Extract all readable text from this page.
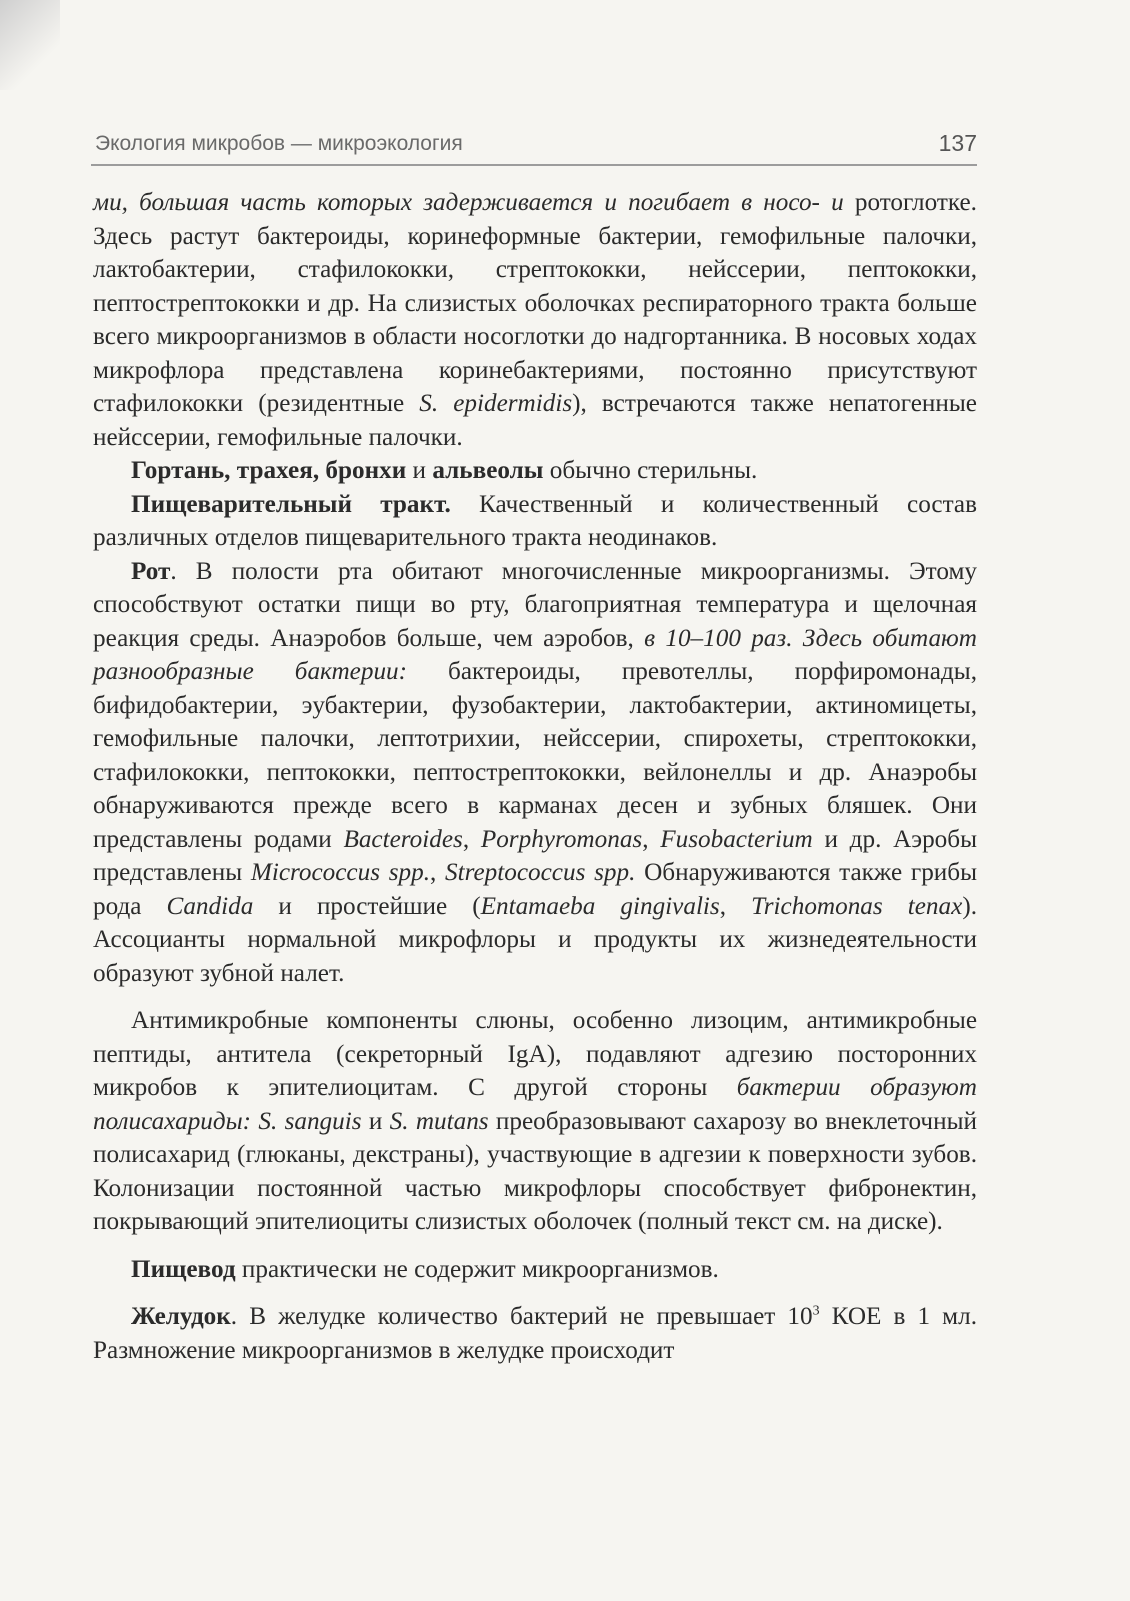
Экология микробов — микроэкология	137

ми, большая часть которых задерживается и погибает в носо- и ротоглотке. Здесь растут бактероиды, коринеформные бактерии, гемофильные палочки, лактобактерии, стафилококки, стрептококки, нейссерии, пептококки, пептострептококки и др. На слизистых оболочках респираторного тракта больше всего микроорганизмов в области носоглотки до надгортанника. В носовых ходах микрофлора представлена коринебактериями, постоянно присутствуют стафилококки (резидентные S. epidermidis), встречаются также непатогенные нейссерии, гемофильные палочки.

Гортань, трахея, бронхи и альвеолы обычно стерильны.

Пищеварительный тракт. Качественный и количественный состав различных отделов пищеварительного тракта неодинаков.

Рот. В полости рта обитают многочисленные микроорганизмы. Этому способствуют остатки пищи во рту, благоприятная температура и щелочная реакция среды. Анаэробов больше, чем аэробов, в 10–100 раз. Здесь обитают разнообразные бактерии: бактероиды, превотеллы, порфиромонады, бифидобактерии, эубактерии, фузобактерии, лактобактерии, актиномицеты, гемофильные палочки, лептотрихии, нейссерии, спирохеты, стрептококки, стафилококки, пептококки, пептострептококки, вейлонеллы и др. Анаэробы обнаруживаются прежде всего в карманах десен и зубных бляшек. Они представлены родами Bacteroides, Porphyromonas, Fusobacterium и др. Аэробы представлены Micrococcus spp., Streptococcus spp. Обнаруживаются также грибы рода Candida и простейшие (Entamaeba gingivalis, Trichomonas tenax). Ассоцианты нормальной микрофлоры и продукты их жизнедеятельности образуют зубной налет.

Антимикробные компоненты слюны, особенно лизоцим, антимикробные пептиды, антитела (секреторный IgA), подавляют адгезию посторонних микробов к эпителиоцитам. С другой стороны бактерии образуют полисахариды: S. sanguis и S. mutans преобразовывают сахарозу во внеклеточный полисахарид (глюканы, декстраны), участвующие в адгезии к поверхности зубов. Колонизации постоянной частью микрофлоры способствует фибронектин, покрывающий эпителиоциты слизистых оболочек (полный текст см. на диске).

Пищевод практически не содержит микроорганизмов.

Желудок. В желудке количество бактерий не превышает $10^3$ КОЕ в 1 мл. Размножение микроорганизмов в желудке происходит
